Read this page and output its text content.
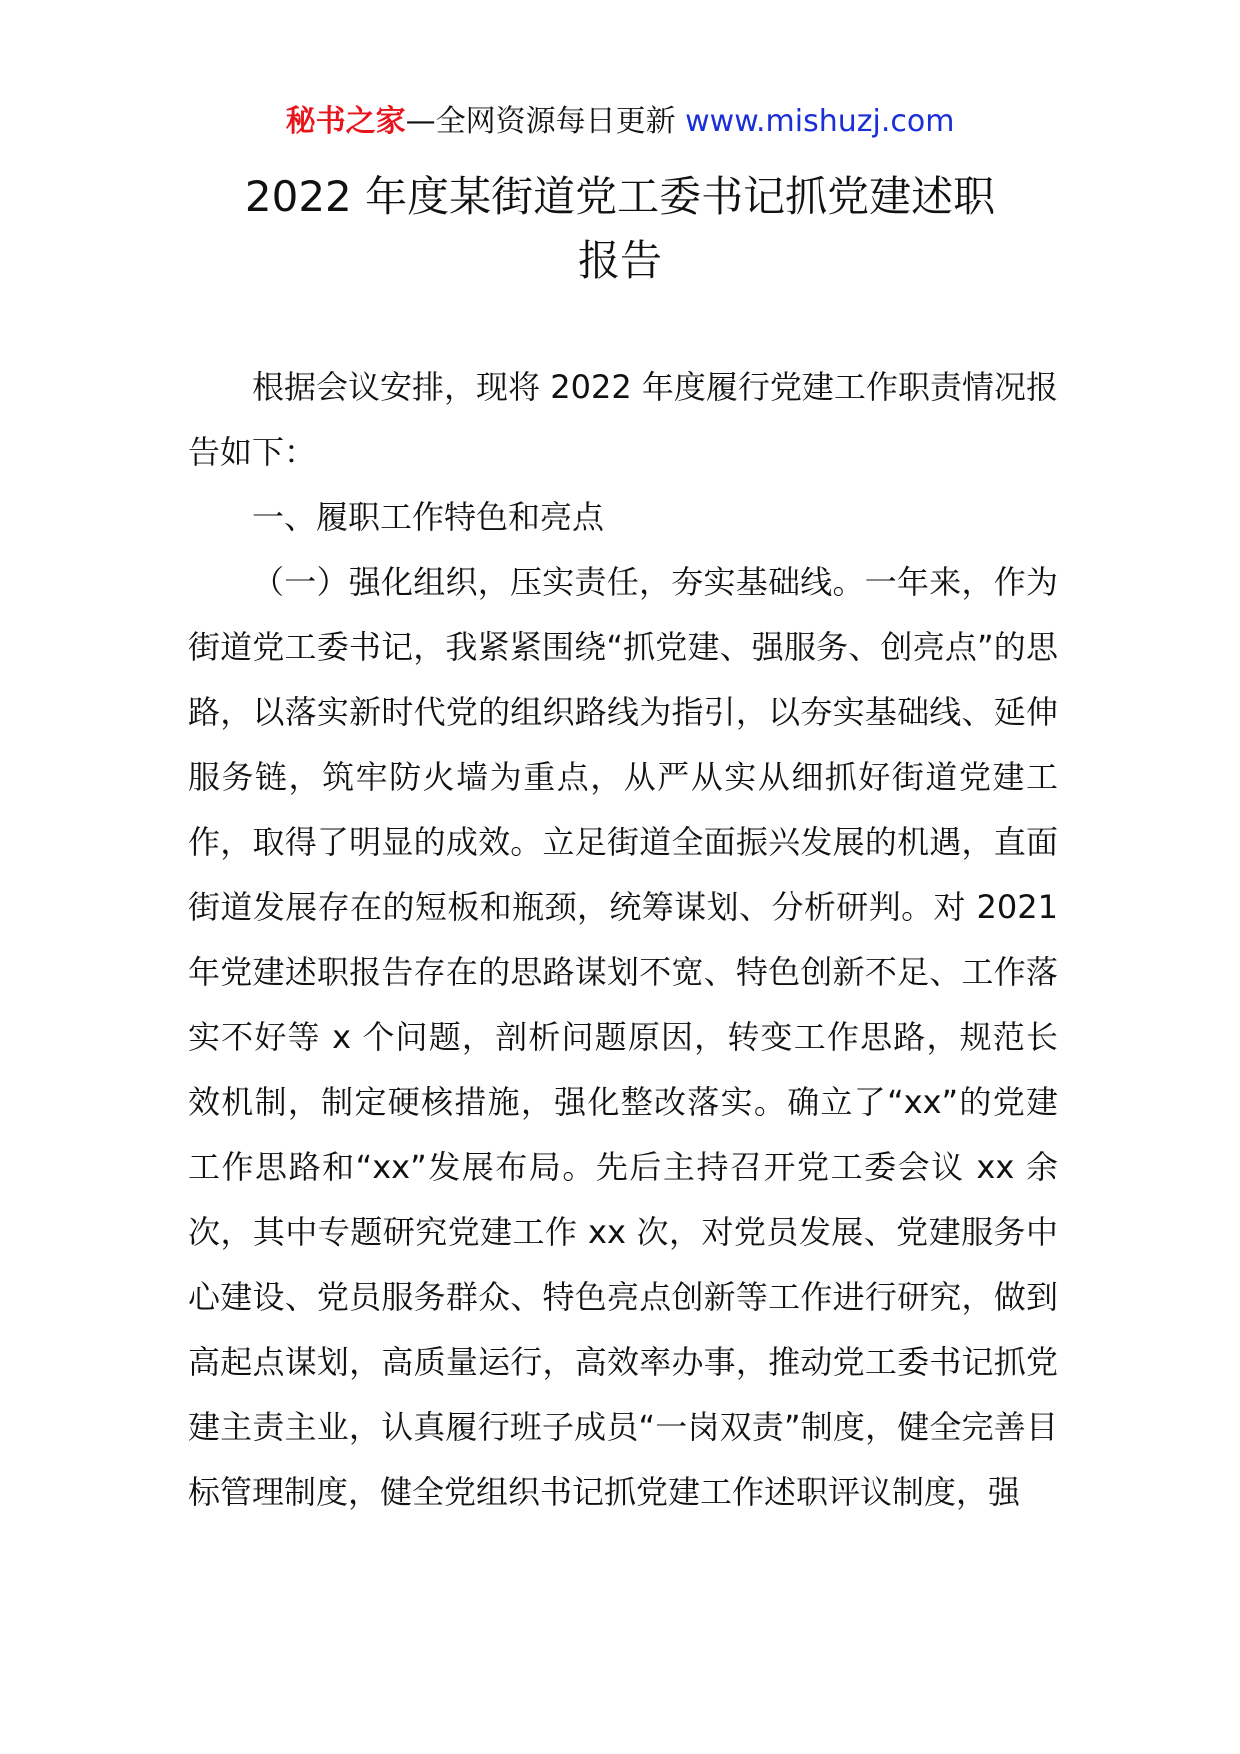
秘书之家—全网资源每日更新 www.mishuzj.com
2022 年度某街道党工委书记抓党建述职
报告

根据会议安排，现将 2022 年度履行党建工作职责情况报告如下：

一、履职工作特色和亮点

（一）强化组织，压实责任，夯实基础线。一年来，作为街道党工委书记，我紧紧围绕“抓党建、强服务、创亮点”的思路，以落实新时代党的组织路线为指引，以夯实基础线、延伸服务链，筑牢防火墙为重点，从严从实从细抓好街道党建工作，取得了明显的成效。立足街道全面振兴发展的机遇，直面街道发展存在的短板和瓶颈，统筹谋划、分析研判。对 2021 年党建述职报告存在的思路谋划不宽、特色创新不足、工作落实不好等 x 个问题，剖析问题原因，转变工作思路，规范长效机制，制定硬核措施，强化整改落实。确立了“xx”的党建工作思路和“xx”发展布局。先后主持召开党工委会议 xx 余次，其中专题研究党建工作 xx 次，对党员发展、党建服务中心建设、党员服务群众、特色亮点创新等工作进行研究，做到高起点谋划，高质量运行，高效率办事，推动党工委书记抓党建主责主业，认真履行班子成员“一岗双责”制度，健全完善目标管理制度，健全党组织书记抓党建工作述职评议制度，强
